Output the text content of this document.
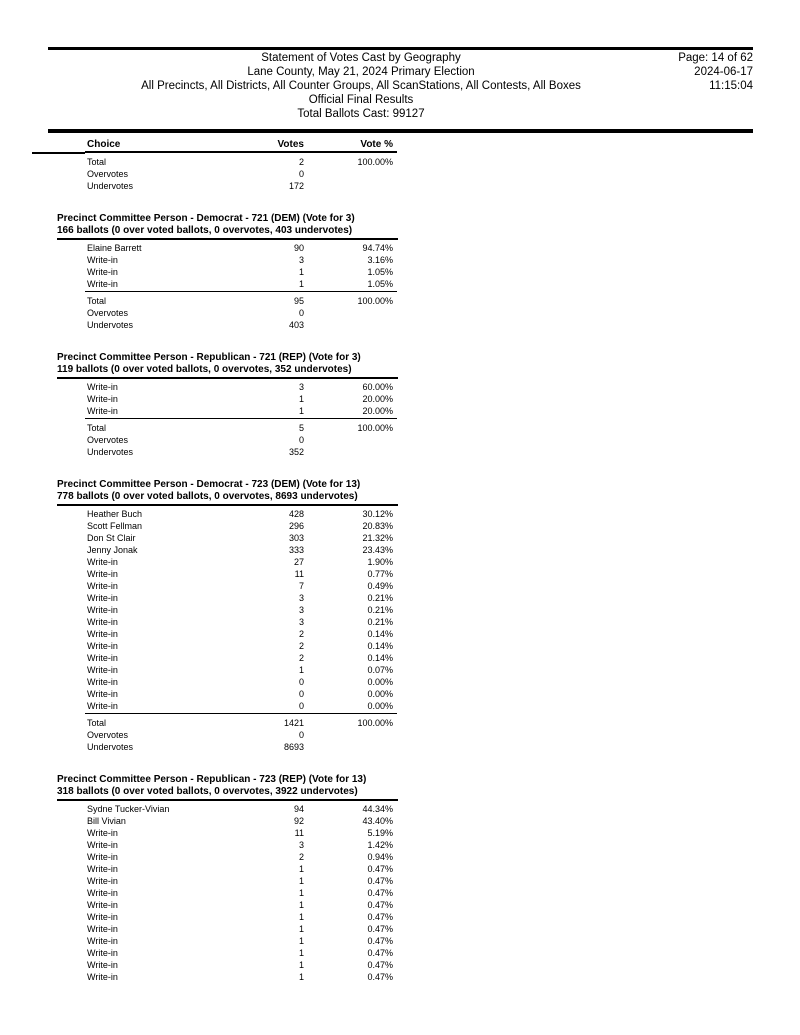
Statement of Votes Cast by Geography
Lane County, May 21, 2024 Primary Election
All Precincts, All Districts, All Counter Groups, All ScanStations, All Contests, All Boxes
Official Final Results
Total Ballots Cast: 99127
Page: 14 of 62
2024-06-17
11:15:04
Choice	Votes	Vote %
Total	2	100.00%
Overvotes	0
Undervotes	172
Precinct Committee Person - Democrat - 721 (DEM) (Vote for 3)
166 ballots (0 over voted ballots, 0 overvotes, 403 undervotes)
Elaine Barrett	90	94.74%
Write-in	3	3.16%
Write-in	1	1.05%
Write-in	1	1.05%
Total	95	100.00%
Overvotes	0
Undervotes	403
Precinct Committee Person - Republican - 721 (REP) (Vote for 3)
119 ballots (0 over voted ballots, 0 overvotes, 352 undervotes)
Write-in	3	60.00%
Write-in	1	20.00%
Write-in	1	20.00%
Total	5	100.00%
Overvotes	0
Undervotes	352
Precinct Committee Person - Democrat - 723 (DEM) (Vote for 13)
778 ballots (0 over voted ballots, 0 overvotes, 8693 undervotes)
Heather Buch	428	30.12%
Scott Fellman	296	20.83%
Don St Clair	303	21.32%
Jenny Jonak	333	23.43%
Write-in	27	1.90%
Write-in	11	0.77%
Write-in	7	0.49%
Write-in	3	0.21%
Write-in	3	0.21%
Write-in	3	0.21%
Write-in	2	0.14%
Write-in	2	0.14%
Write-in	2	0.14%
Write-in	1	0.07%
Write-in	0	0.00%
Write-in	0	0.00%
Write-in	0	0.00%
Total	1421	100.00%
Overvotes	0
Undervotes	8693
Precinct Committee Person - Republican - 723 (REP) (Vote for 13)
318 ballots (0 over voted ballots, 0 overvotes, 3922 undervotes)
Sydne Tucker-Vivian	94	44.34%
Bill Vivian	92	43.40%
Write-in	11	5.19%
Write-in	3	1.42%
Write-in	2	0.94%
Write-in	1	0.47%
Write-in	1	0.47%
Write-in	1	0.47%
Write-in	1	0.47%
Write-in	1	0.47%
Write-in	1	0.47%
Write-in	1	0.47%
Write-in	1	0.47%
Write-in	1	0.47%
Write-in	1	0.47%
